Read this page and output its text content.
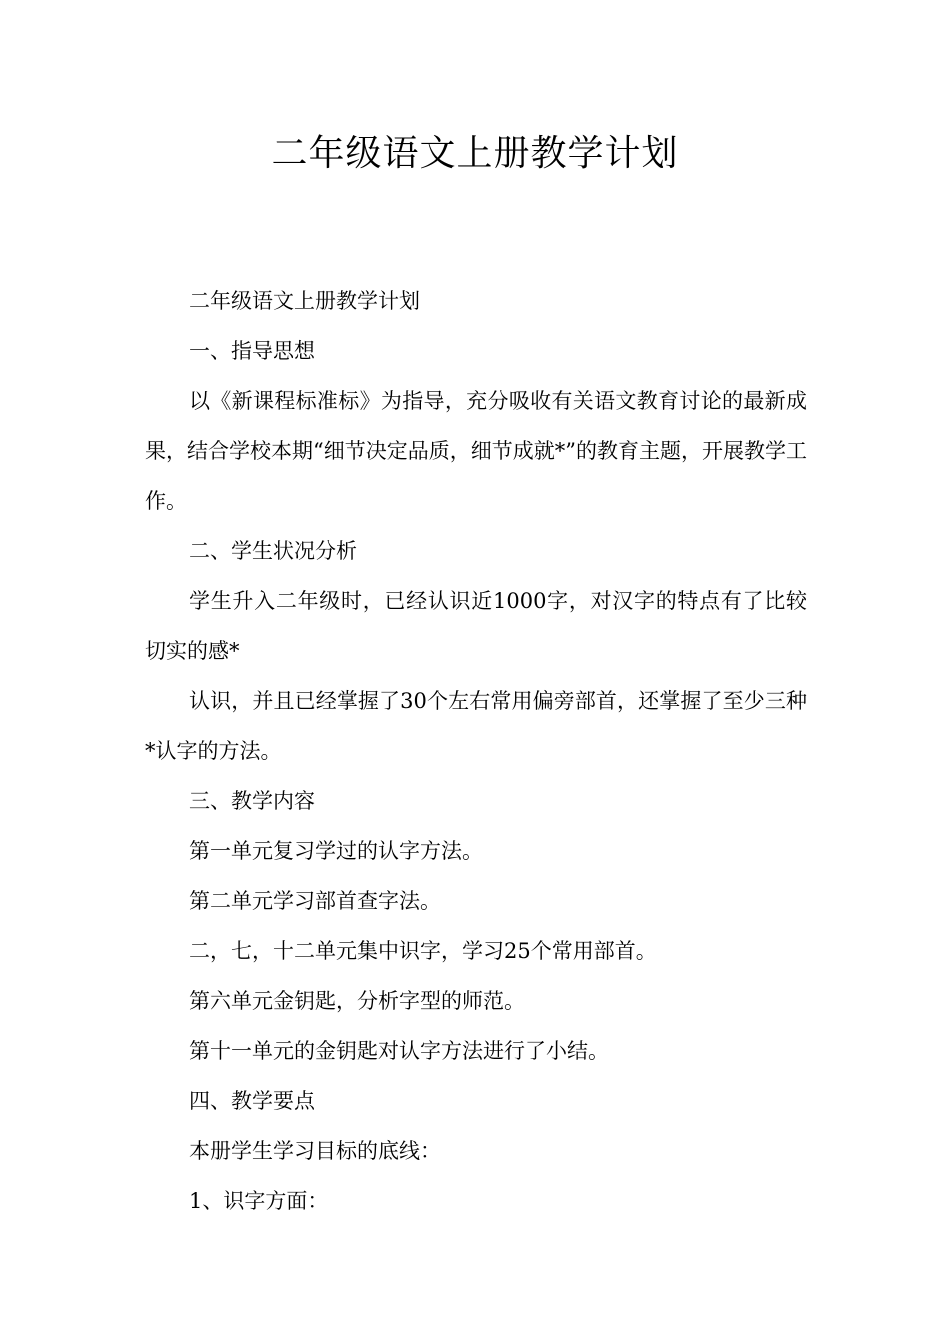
二年级语文上册教学计划

二年级语文上册教学计划

一、指导思想

以《新课程标准标》为指导，充分吸收有关语文教育讨论的最新成果，结合学校本期“细节决定品质，细节成就*”的教育主题，开展教学工作。

二、学生状况分析

学生升入二年级时，已经认识近1000字，对汉字的特点有了比较切实的感*

认识，并且已经掌握了30个左右常用偏旁部首，还掌握了至少三种*认字的方法。

三、教学内容

第一单元复习学过的认字方法。

第二单元学习部首查字法。

二，七，十二单元集中识字，学习25个常用部首。

第六单元金钥匙，分析字型的师范。

第十一单元的金钥匙对认字方法进行了小结。

四、教学要点

本册学生学习目标的底线：

1、识字方面：
